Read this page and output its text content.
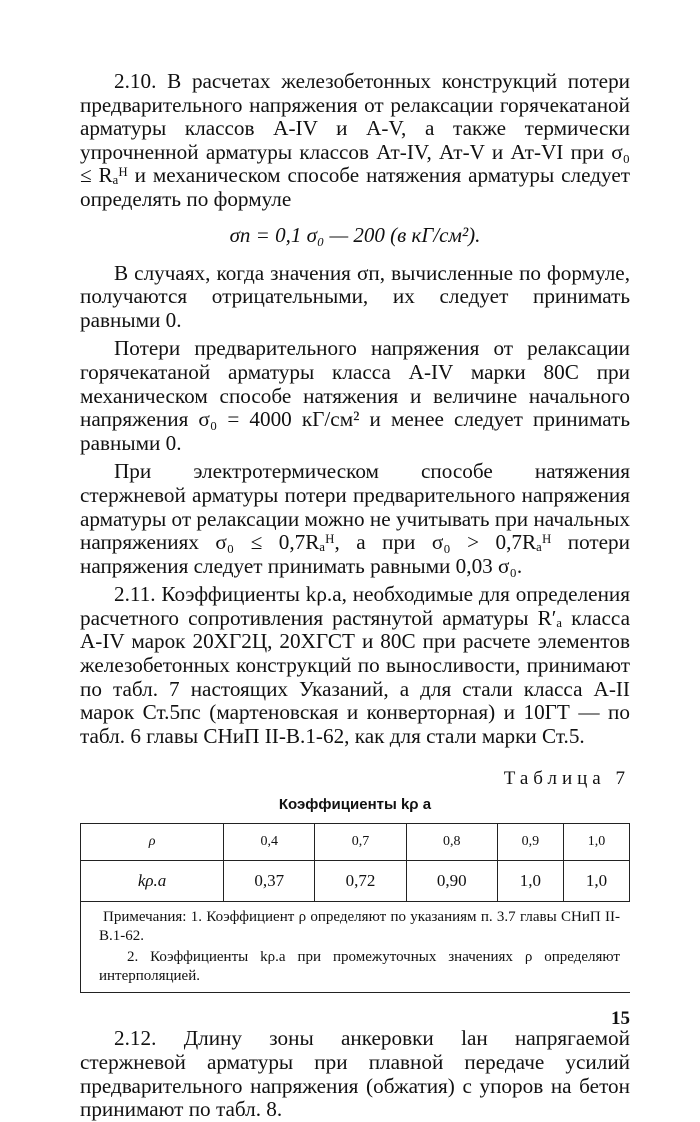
2.10. В расчетах железобетонных конструкций потери предварительного напряжения от релаксации горячекатаной арматуры классов А-IV и А-V, а также термически упрочненной арматуры классов Ат-IV, Ат-V и Ат-VI при σ₀ ≤ Rₐᴴ и механическом способе натяжения арматуры следует определять по формуле

σп = 0,1 σ₀ — 200 (в кГ/см²).

В случаях, когда значения σп, вычисленные по формуле, получаются отрицательными, их следует принимать равными 0.

Потери предварительного напряжения от релаксации горячекатаной арматуры класса А-IV марки 80С при механическом способе натяжения и величине начального напряжения σ₀ = 4000 кГ/см² и менее следует принимать равными 0.

При электротермическом способе натяжения стержневой арматуры потери предварительного напряжения арматуры от релаксации можно не учитывать при начальных напряжениях σ₀ ≤ 0,7Rₐᴴ, а при σ₀ > 0,7Rₐᴴ потери напряжения следует принимать равными 0,03 σ₀.

2.11. Коэффициенты kρ.а, необходимые для определения расчетного сопротивления растянутой арматуры R′ₐ класса А-IV марок 20ХГ2Ц, 20ХГСТ и 80С при расчете элементов железобетонных конструкций по выносливости, принимают по табл. 7 настоящих Указаний, а для стали класса А-II марок Ст.5пс (мартеновская и конверторная) и 10ГТ — по табл. 6 главы СНиП II-В.1-62, как для стали марки Ст.5.

Таблица 7
Коэффициенты kρ а
ρ	0,4	0,7	0,8	0,9	1,0
kρ.а	0,37	0,72	0,90	1,0	1,0
Примечания: 1. Коэффициент ρ определяют по указаниям п. 3.7 главы СНиП II-В.1-62.
2. Коэффициенты kρ.а при промежуточных значениях ρ определяют интерполяцией.

2.12. Длину зоны анкеровки lан напрягаемой стержневой арматуры при плавной передаче усилий предварительного напряжения (обжатия) с упоров на бетон принимают по табл. 8.

15
